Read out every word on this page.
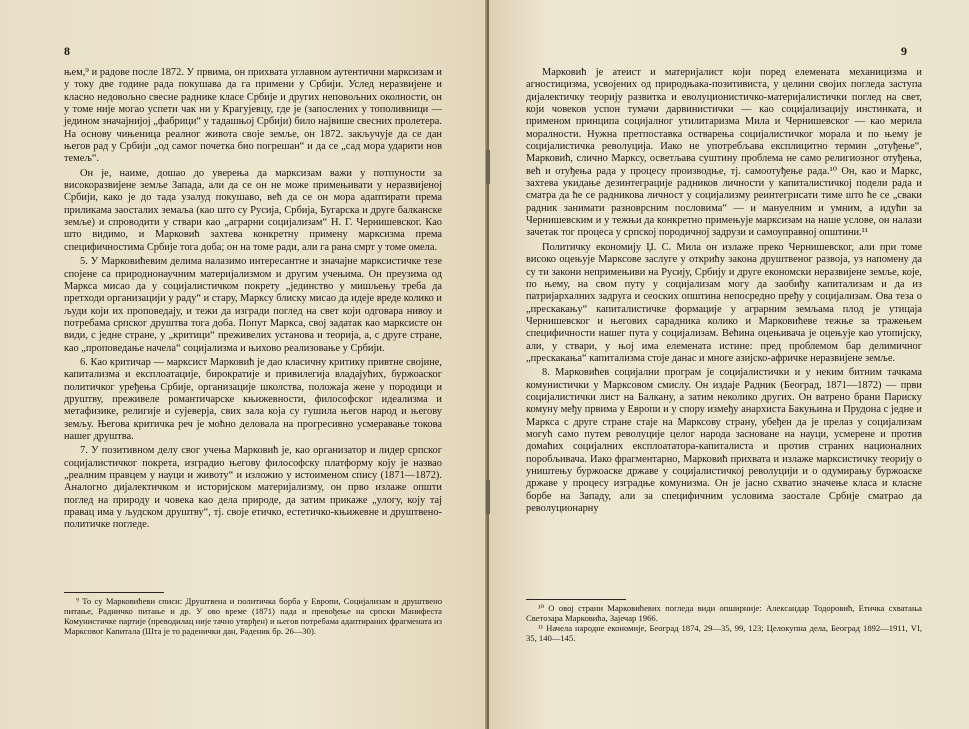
8

њем,⁹ и радове после 1872. У првима, он прихвата углавном аутентични марксизам и у току две године рада покушава да га примени у Србији. Услед неразвијене и класно недовољно свесне раднике класе Србије и других неповољних околности, он у томе није могао успети чак ни у Крагујевцу, где је (запослених у тополивници — једином значајнијој „фабрици“ у тадашњој Србији) било највише свесних пролетера. На основу чињеница реалног живота своје земље, он 1872. закључује да се дан његов рад у Србији „од самог почетка био погрешан“ и да се „сад мора ударити нов темељ“.

Он је, наиме, дошао до уверења да марксизам важи у потпуности за високоразвијене земље Запада, али да се он не може примењивати у неразвијеној Србији, како је до тада узалуд покушаво, већ да се он мора адаптирати према приликама заосталих земаља (као што су Русија, Србија, Бугарска и друге балканске земље) и спроводити у ствари као „аграрни социјализам“ Н. Г. Чернишевског. Као што видимо, и Марковић захтева конкретну примену марксизма према специфичностима Србије тога доба; он на томе ради, али га рана смрт у томе омела.

5. У Марковићевим делима налазимо интересантне и значајне марксистичке тезе спојене са природнонаучним материјализмом и другим учењима. Он преузима од Маркса мисао да у социјалистичком покрету „јединство у мишљењу треба да претходи организацији у раду“ и стару, Марксу блиску мисао да идеје вреде колико и људи који их проповедају, и тежи да изгради поглед на свет који одговара нивоу и потребама српског друштва тога доба. Попут Маркса, свој задатак као марксисте он види, с једне стране, у „критици“ преживелих установа и теорија, а, с друге стране, као „проповедање начела“ социјализма и њихово реализовање у Србији.

6. Као критичар — марксист Марковић је дао класичну критику привтне својине, капитализма и експлоатације, бирократије и привилегија владајућих, буржоаског политичког уређења Србије, организације школства, положаја жене у породици и друштву, преживеле романтичарске књижевности, философског идеализма и метафизике, религије и сујеверја, свих зала која су гушила његов народ и његову земљу. Његова критичка реч је мoћно деловала на прогресивно усмеравање токова нашег друштва.

7. У позитивном делу свог учења Марковић је, као организатор и лидер српског социјалистичког покрета, изградио његову философску платформу коју је назвао „реалним правцем у науци и животу“ и изложио у истоименом спису (1871—1872). Аналогно дијалектичком и историјском материјализму, он прво излаже општи поглед на природу и човека као дела природе, да затим прикаже „улогу, коју тај правац има у људском друштву“, тј. своје етичко, естетичко-књижевне и друштвено-политичке погледе.

⁹ То су Марковићеви списи: Друштвена и политичка борба у Европи, Социјализам и друштвено питање, Радничко питање и др. У ово време (1871) пада и превођење на српски Манифеста Комунистичке партије (преводилац није тачно утврђен) и његов потребама адаптираних фрагмената из Марксовог Капитала (Шта је то раденички дан, Раденик бр. 26—30).

9

Марковић је атеист и материјалист који поред елемената механицизма и агностицизма, усвојених од природњака-позитивиста, у целини својих погледа заступа дијалектичку теорију развитка и еволуционистичко-материјалистички поглед на свет, који човеков успон тумачи дарвинистички — као социјализацију инстинката, и применом принципа социјалног утилитаризма Мила и Чернишевског — као мерила моралности. Нужна претпоставка остварења социјалистичког морала и по њему је социјалистичка револуција. Иако не употребљава експлицитно термин „отуђење“, Марковић, слично Марксу, осветљава суштину проблема не само религиозног отуђења, већ и отуђења рада у процесу производње, тј. самоотуђење рада.¹⁰ Он, као и Маркс, захтева укидање дезинтеграције радников личности у капиталистичкој подели рада и сматра да ће се радникова личност у социјализму реинтегрисати тиме што ће се „сваки радник занимати разноврсним пословима“ — и мануелним и умним, а идући за Чернишевским и у тежњи да конкретно примењује марксизам на наше услове, он налази зачетак тог процеса у српској породичној задрузи и самоуправној општини.¹¹

Политичку економију Џ. С. Мила он излаже преко Чернишевског, али при томе високо оцењује Марксове заслуге у открићу закона друштвеног развоја, уз напомену да су ти закони непримењиви на Русију, Србију и друге економски неразвијене земље, које, по њему, на свом путу у социјализам могу да заобиђу капитализам и да из патријархалних задруга и сеоских општина непосредно пређу у социјализам. Ова теза о „прескакању“ капиталистичке формације у аграрним земљама плод је утицаја Чернишевског и његових сарадника колико и Марковићеве тежње за тражењем специфичности нашег пута у социјализам. Већина оцењивача је оцењује као утопиjску, али, у ствари, у њој има елемената истине: пред проблемом бар делимичног „прескакања“ капитализма стоје данас и многе азијско-афричке неразвијене земље.

8. Марковићев социјални програм је социјалистички и у неким битним тачкама комунистички у Марксовом смислу. Он издаје Радник (Београд, 1871—1872) — први социјалистички лист на Балкану, а затим неколико других. Он ватрено брани Парискy комуну међу првима у Европи и у спору између анархиста Бакуњина и Прудона с једне и Маркса с друге стране стаје на Марксову страну, убеђен да је прелаз у социјализам могућ само путем револуције целог народа засноване на науци, усмерене и против домаћих социјалних експлоататора-капиталиста и против страних националних поробљивача. Иако фрагментарно, Марковић прихвата и излаже марксистичку теорију о уништењу буржоаске државе у социјалистичкој револуцији и о одумирању буржоаске државе у процесу изградње комунизма. Он је јасно схватио значење класа и класне борбе на Западу, али за специфичним условима заостале Србије сматрао да револуционарну

¹⁰ О овој страни Марковићевих погледа види опширније: Александар Тодоровић, Етичка схватања Светозара Марковића, Зајечар 1966.

¹¹ Начела народне економије, Београд 1874, 29—35, 99, 123; Целокупна дела, Београд 1892—1911, VI, 35, 140—145.
